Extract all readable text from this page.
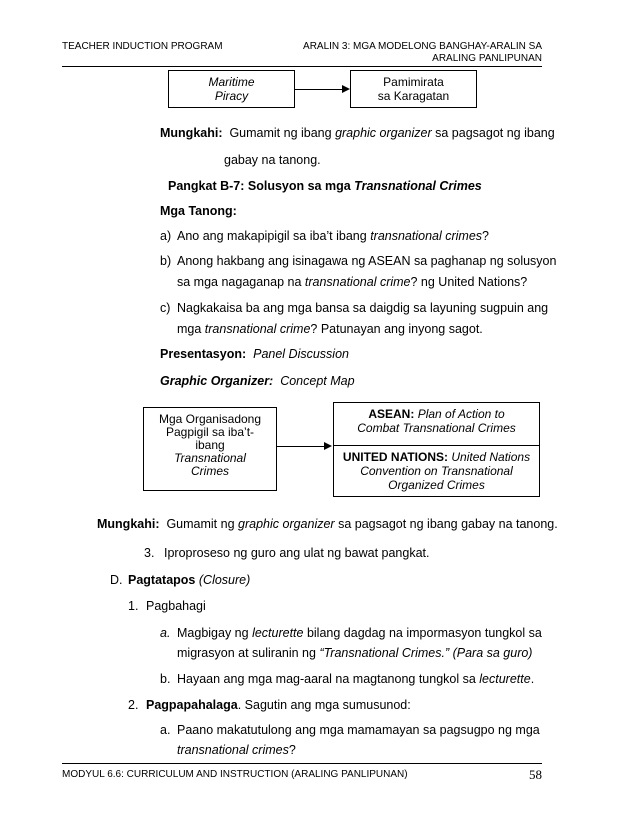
TEACHER INDUCTION PROGRAM	ARALIN 3: MGA MODELONG BANGHAY-ARALIN SA
ARALING PANLIPUNAN
Maritime
Piracy
Pamimirata
sa Karagatan
Mungkahi: Gumamit ng ibang graphic organizer sa pagsagot ng ibang
gabay na tanong.
Pangkat B-7: Solusyon sa mga Transnational Crimes
Mga Tanong:
a) Ano ang makapipigil sa iba’t ibang transnational crimes?
b) Anong hakbang ang isinagawa ng ASEAN sa paghanap ng solusyon
sa mga nagaganap na transnational crime? ng United Nations?
c) Nagkakaisa ba ang mga bansa sa daigdig sa layuning sugpuin ang
mga transnational crime? Patunayan ang inyong sagot.
Presentasyon: Panel Discussion
Graphic Organizer: Concept Map
Mga Organisadong
Pagpigil sa iba’t-
ibang
Transnational
Crimes
ASEAN: Plan of Action to
Combat Transnational Crimes
UNITED NATIONS: United Nations
Convention on Transnational
Organized Crimes
Mungkahi: Gumamit ng graphic organizer sa pagsagot ng ibang gabay na tanong.
3. Iproproseso ng guro ang ulat ng bawat pangkat.
D. Pagtatapos (Closure)
1. Pagbahagi
a. Magbigay ng lecturette bilang dagdag na impormasyon tungkol sa
migrasyon at suliranin ng “Transnational Crimes.” (Para sa guro)
b. Hayaan ang mga mag-aaral na magtanong tungkol sa lecturette.
2. Pagpapahalaga. Sagutin ang mga sumusunod:
a. Paano makatutulong ang mga mamamayan sa pagsugpo ng mga
transnational crimes?
MODYUL 6.6: CURRICULUM AND INSTRUCTION (ARALING PANLIPUNAN)	58
